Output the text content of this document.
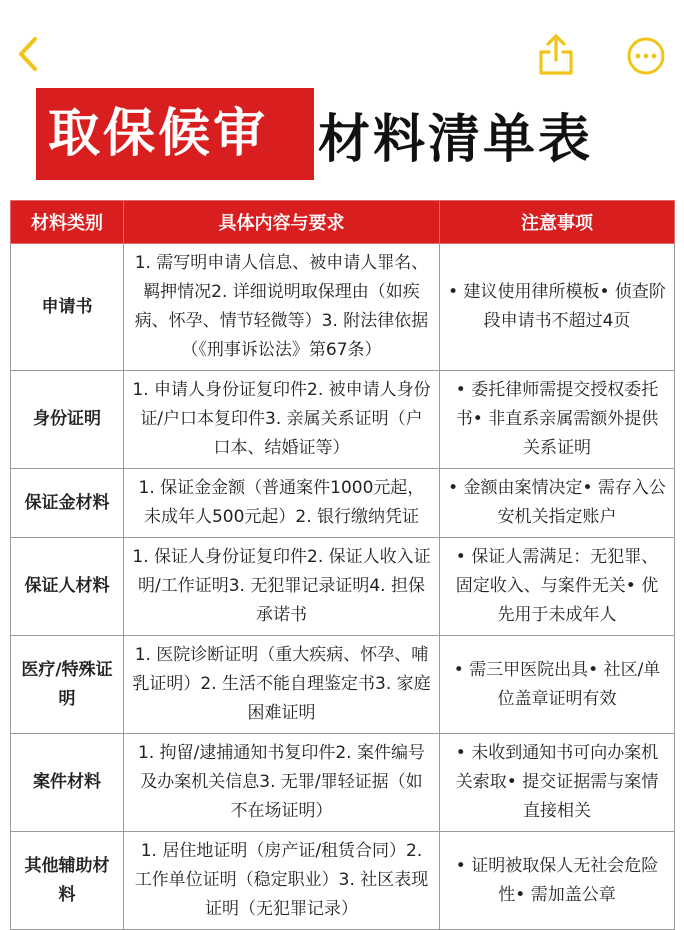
取保候审 材料清单表
材料类别	具体内容与要求	注意事项
申请书	1. 需写明申请人信息、被申请人罪名、羁押情况2. 详细说明取保理由（如疾病、怀孕、情节轻微等）3. 附法律依据（《刑事诉讼法》第67条）	• 建议使用律所模板• 侦查阶段申请书不超过4页
身份证明	1. 申请人身份证复印件2. 被申请人身份证/户口本复印件3. 亲属关系证明（户口本、结婚证等）	• 委托律师需提交授权委托书• 非直系亲属需额外提供关系证明
保证金材料	1. 保证金金额（普通案件1000元起，未成年人500元起）2. 银行缴纳凭证	• 金额由案情决定• 需存入公安机关指定账户
保证人材料	1. 保证人身份证复印件2. 保证人收入证明/工作证明3. 无犯罪记录证明4. 担保承诺书	• 保证人需满足：无犯罪、固定收入、与案件无关• 优先用于未成年人
医疗/特殊证明	1. 医院诊断证明（重大疾病、怀孕、哺乳证明）2. 生活不能自理鉴定书3. 家庭困难证明	• 需三甲医院出具• 社区/单位盖章证明有效
案件材料	1. 拘留/逮捕通知书复印件2. 案件编号及办案机关信息3. 无罪/罪轻证据（如不在场证明）	• 未收到通知书可向办案机关索取• 提交证据需与案情直接相关
其他辅助材料	1. 居住地证明（房产证/租赁合同）2. 工作单位证明（稳定职业）3. 社区表现证明（无犯罪记录）	• 证明被取保人无社会危险性• 需加盖公章
